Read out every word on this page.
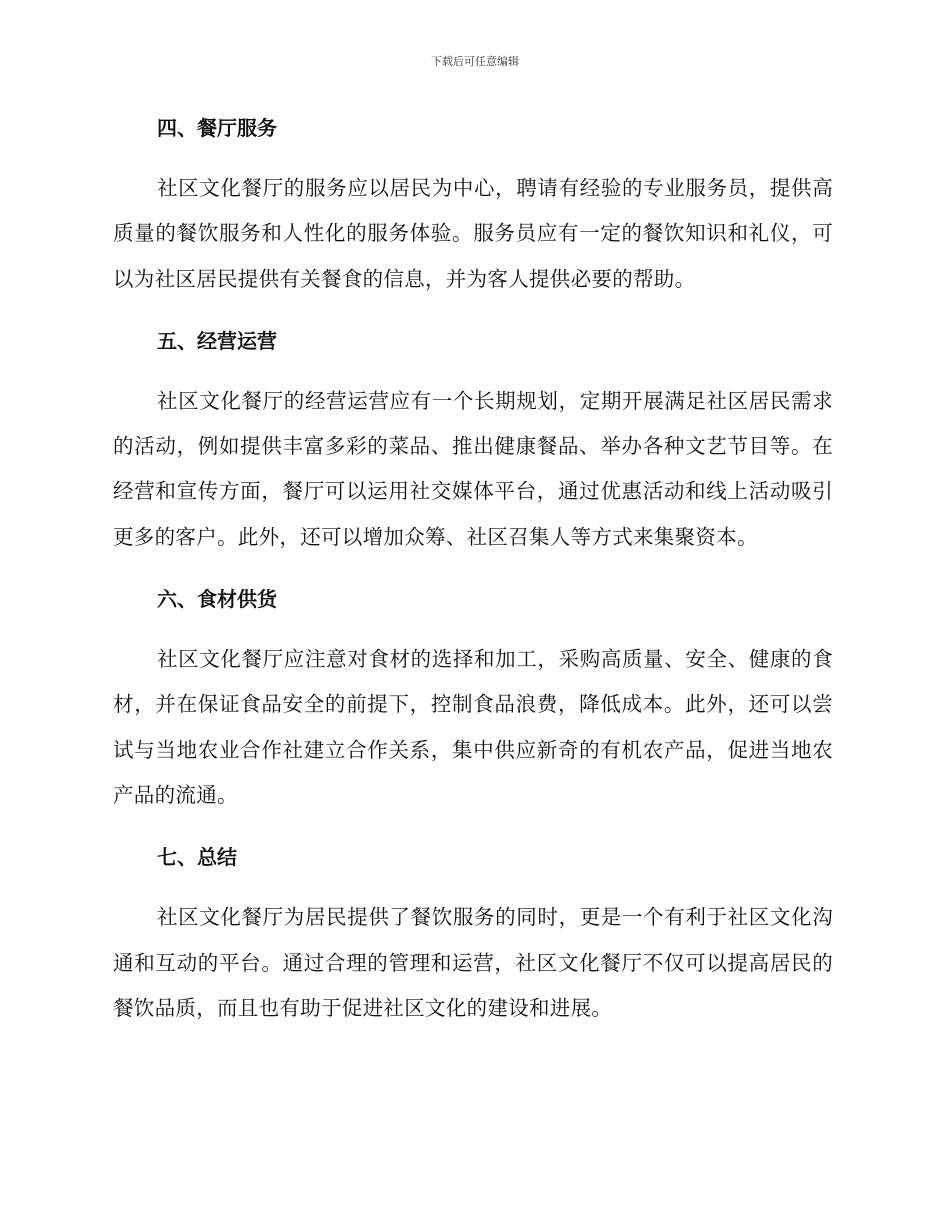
下载后可任意编辑
四、餐厅服务
社区文化餐厅的服务应以居民为中心，聘请有经验的专业服务员，提供高质量的餐饮服务和人性化的服务体验。服务员应有一定的餐饮知识和礼仪，可以为社区居民提供有关餐食的信息，并为客人提供必要的帮助。
五、经营运营
社区文化餐厅的经营运营应有一个长期规划，定期开展满足社区居民需求的活动，例如提供丰富多彩的菜品、推出健康餐品、举办各种文艺节目等。在经营和宣传方面，餐厅可以运用社交媒体平台，通过优惠活动和线上活动吸引更多的客户。此外，还可以增加众筹、社区召集人等方式来集聚资本。
六、食材供货
社区文化餐厅应注意对食材的选择和加工，采购高质量、安全、健康的食材，并在保证食品安全的前提下，控制食品浪费，降低成本。此外，还可以尝试与当地农业合作社建立合作关系，集中供应新奇的有机农产品，促进当地农产品的流通。
七、总结
社区文化餐厅为居民提供了餐饮服务的同时，更是一个有利于社区文化沟通和互动的平台。通过合理的管理和运营，社区文化餐厅不仅可以提高居民的餐饮品质，而且也有助于促进社区文化的建设和进展。
